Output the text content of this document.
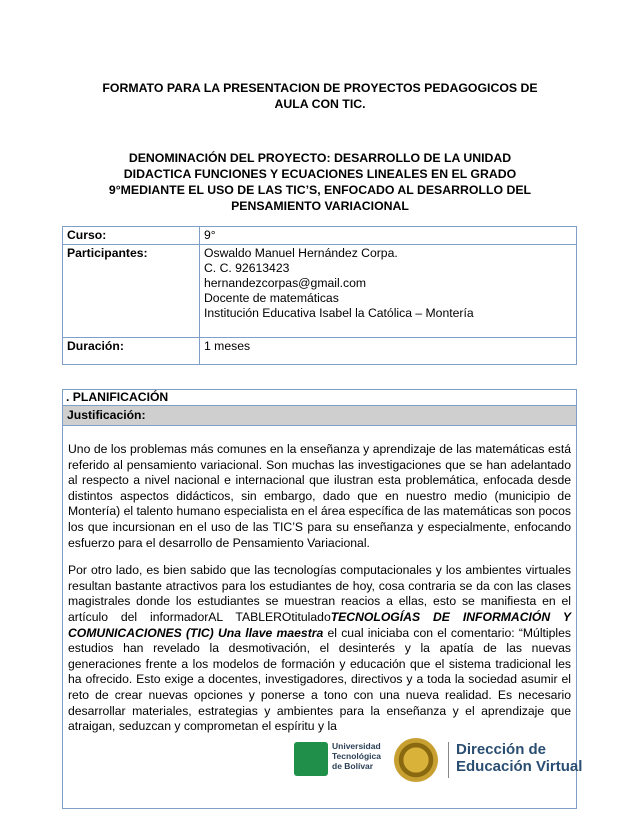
FORMATO PARA LA PRESENTACION DE PROYECTOS PEDAGOGICOS DE
AULA CON TIC.
DENOMINACIÓN DEL PROYECTO: DESARROLLO DE LA UNIDAD
DIDACTICA FUNCIONES Y ECUACIONES LINEALES EN EL GRADO
9°MEDIANTE EL USO DE LAS TIC’S, ENFOCADO AL DESARROLLO DEL
PENSAMIENTO VARIACIONAL
Curso:	9°
Participantes:	Oswaldo Manuel Hernández Corpa.
C. C. 92613423
hernandezcorpas@gmail.com
Docente de matemáticas
Institución Educativa Isabel la Católica – Montería

Duración:	1 meses
. PLANIFICACIÓN
Justificación:

Uno de los problemas más comunes en la enseñanza y aprendizaje de las matemáticas está referido al pensamiento variacional. Son muchas las investigaciones que se han adelantado al respecto a nivel nacional e internacional que ilustran esta problemática, enfocada desde distintos aspectos didácticos, sin embargo, dado que en nuestro medio (municipio de Montería) el talento humano especialista en el área específica de las matemáticas son pocos los que incursionan en el uso de las TIC’S para su enseñanza y especialmente, enfocando esfuerzo para el desarrollo de Pensamiento Variacional.

Por otro lado, es bien sabido que las tecnologías computacionales y los ambientes virtuales resultan bastante atractivos para los estudiantes de hoy, cosa contraria se da con las clases magistrales donde los estudiantes se muestran reacios a ellas, esto se manifiesta en el artículo del informadorAL TABLEROtituladoTECNOLOGÍAS DE INFORMACIÓN Y COMUNICACIONES (TIC) Una llave maestra el cual iniciaba con el comentario: “Múltiples estudios han revelado la desmotivación, el desinterés y la apatía de las nuevas generaciones frente a los modelos de formación y educación que el sistema tradicional les ha ofrecido. Esto exige a docentes, investigadores, directivos y a toda la sociedad asumir el reto de crear nuevas opciones y ponerse a tono con una nueva realidad. Es necesario desarrollar materiales, estrategias y ambientes para la enseñanza y el aprendizaje que atraigan, seduzcan y comprometan el espíritu y la

Universidad
Tecnológica
de Bolívar
Dirección de
Educación Virtual
